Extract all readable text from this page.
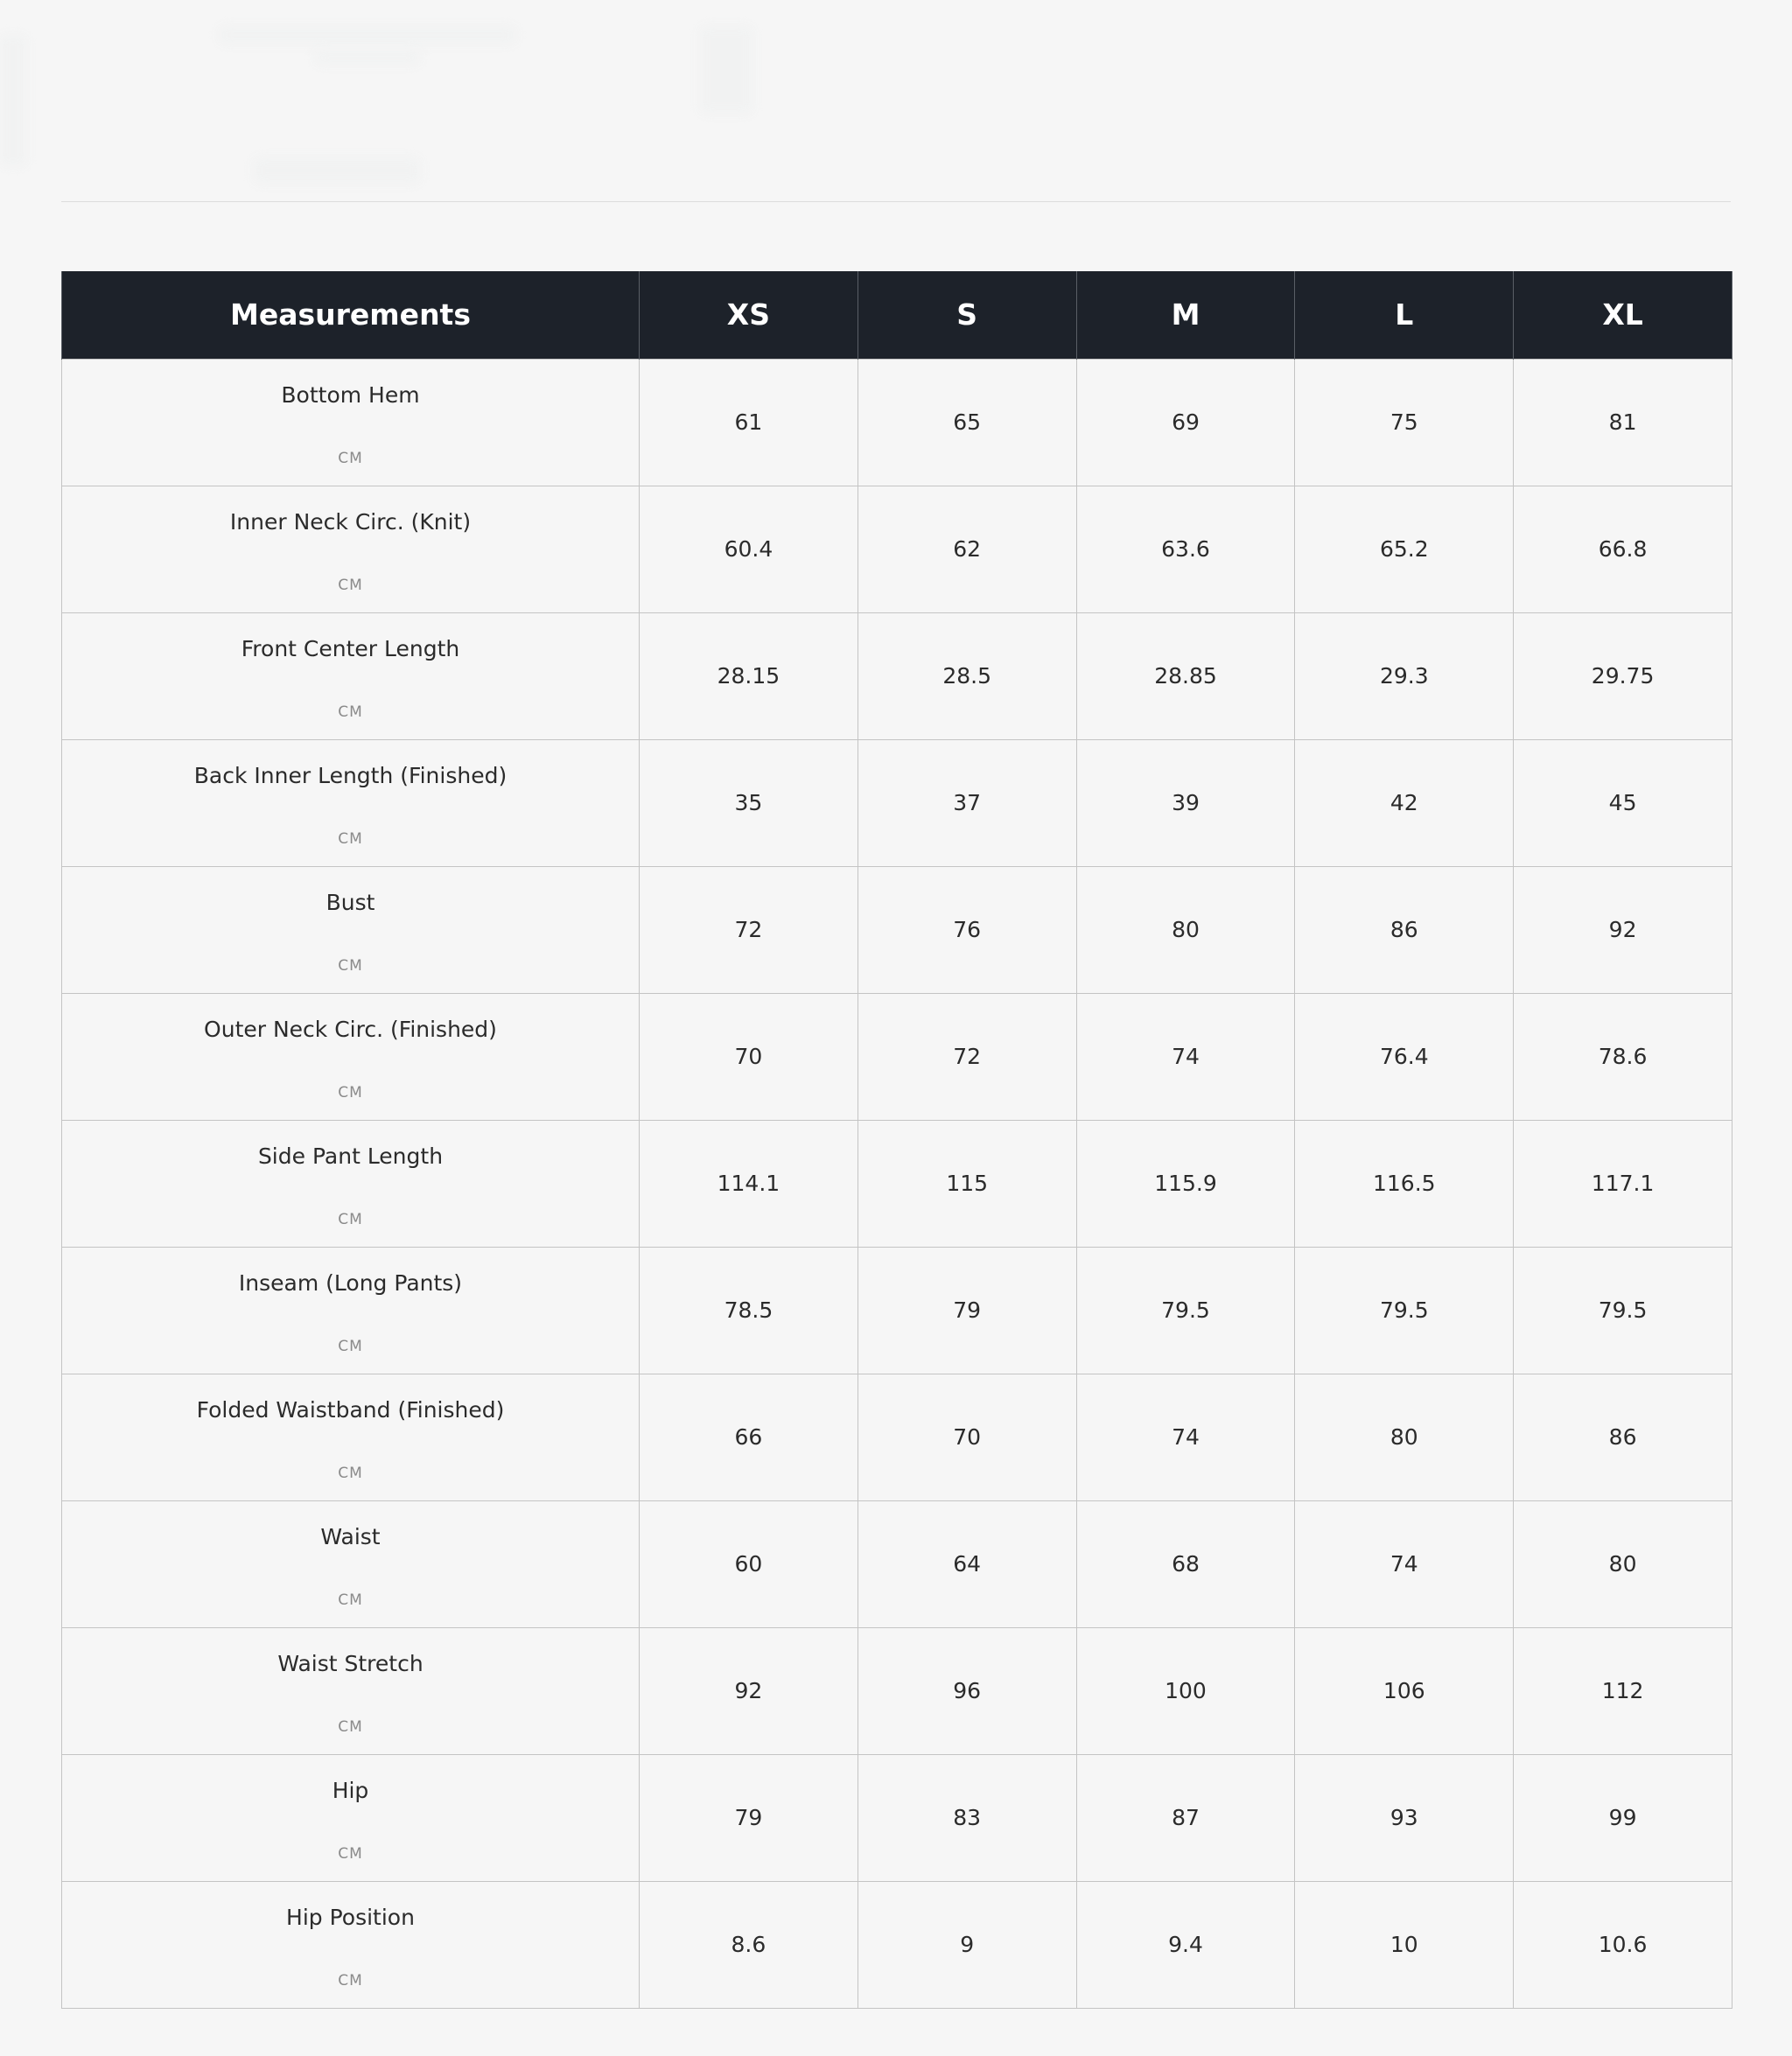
Measurements	XS	S	M	L	XL

Bottom Hem
CM	61	65	69	75	81

Inner Neck Circ. (Knit)
CM	60.4	62	63.6	65.2	66.8

Front Center Length
CM	28.15	28.5	28.85	29.3	29.75

Back Inner Length (Finished)
CM	35	37	39	42	45

Bust
CM	72	76	80	86	92

Outer Neck Circ. (Finished)
CM	70	72	74	76.4	78.6

Side Pant Length
CM	114.1	115	115.9	116.5	117.1

Inseam (Long Pants)
CM	78.5	79	79.5	79.5	79.5

Folded Waistband (Finished)
CM	66	70	74	80	86

Waist
CM	60	64	68	74	80

Waist Stretch
CM	92	96	100	106	112

Hip
CM	79	83	87	93	99

Hip Position
CM	8.6	9	9.4	10	10.6
